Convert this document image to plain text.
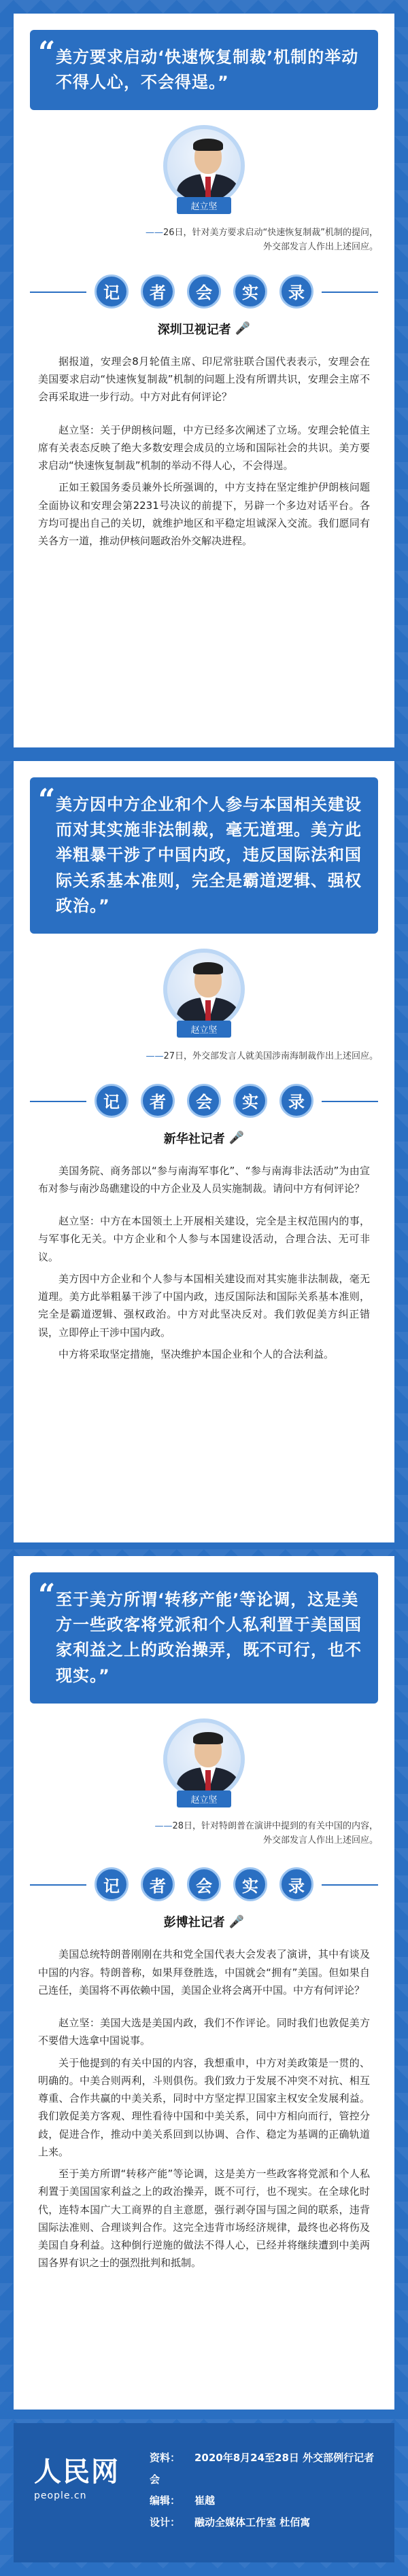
“ 美方要求启动‘快速恢复制裁’机制的举动不得人心，不会得逞。”
赵立坚
——26日，针对美方要求启动“快速恢复制裁”机制的提问，
外交部发言人作出上述回应。
记	者	会	实	录
深圳卫视记者 🎤

据报道，安理会8月轮值主席、印尼常驻联合国代表表示，安理会在美国要求启动“快速恢复制裁”机制的问题上没有所谓共识，安理会主席不会再采取进一步行动。中方对此有何评论？

赵立坚：关于伊朗核问题，中方已经多次阐述了立场。安理会轮值主席有关表态反映了绝大多数安理会成员的立场和国际社会的共识。美方要求启动“快速恢复制裁”机制的举动不得人心，不会得逞。

正如王毅国务委员兼外长所强调的，中方支持在坚定维护伊朗核问题全面协议和安理会第2231号决议的前提下，另辟一个多边对话平台。各方均可提出自己的关切，就维护地区和平稳定坦诚深入交流。我们愿同有关各方一道，推动伊核问题政治外交解决进程。

“ 美方因中方企业和个人参与本国相关建设而对其实施非法制裁，毫无道理。美方此举粗暴干涉了中国内政，违反国际法和国际关系基本准则，完全是霸道逻辑、强权政治。”
赵立坚
——27日，外交部发言人就美国涉南海制裁作出上述回应。
记	者	会	实	录
新华社记者 🎤

美国务院、商务部以“参与南海军事化”、“参与南海非法活动”为由宣布对参与南沙岛礁建设的中方企业及人员实施制裁。请问中方有何评论？

赵立坚：中方在本国领土上开展相关建设，完全是主权范围内的事，与军事化无关。中方企业和个人参与本国建设活动，合理合法、无可非议。

美方因中方企业和个人参与本国相关建设而对其实施非法制裁，毫无道理。美方此举粗暴干涉了中国内政，违反国际法和国际关系基本准则，完全是霸道逻辑、强权政治。中方对此坚决反对。我们敦促美方纠正错误，立即停止干涉中国内政。

中方将采取坚定措施，坚决维护本国企业和个人的合法利益。

“ 至于美方所谓‘转移产能’等论调，这是美方一些政客将党派和个人私利置于美国国家利益之上的政治操弄，既不可行，也不现实。”
赵立坚
——28日，针对特朗普在演讲中提到的有关中国的内容，
外交部发言人作出上述回应。
记	者	会	实	录
彭博社记者 🎤

美国总统特朗普刚刚在共和党全国代表大会发表了演讲，其中有谈及中国的内容。特朗普称，如果拜登胜选，中国就会“拥有”美国。但如果自己连任，美国将不再依赖中国，美国企业将会离开中国。中方有何评论？

赵立坚：美国大选是美国内政，我们不作评论。同时我们也敦促美方不要借大选拿中国说事。

关于他提到的有关中国的内容，我想重申，中方对美政策是一贯的、明确的。中美合则两利，斗则俱伤。我们致力于发展不冲突不对抗、相互尊重、合作共赢的中美关系，同时中方坚定捍卫国家主权安全发展利益。我们敦促美方客观、理性看待中国和中美关系，同中方相向而行，管控分歧，促进合作，推动中美关系回到以协调、合作、稳定为基调的正确轨道上来。

至于美方所谓“转移产能”等论调，这是美方一些政客将党派和个人私利置于美国国家利益之上的政治操弄，既不可行，也不现实。在全球化时代，连特本国广大工商界的自主意愿，强行剥夺国与国之间的联系，违背国际法准则、合理谈判合作。这完全违背市场经济规律，最终也必将伤及美国自身利益。这种倒行逆施的做法不得人心，已经并将继续遭到中美两国各界有识之士的强烈批判和抵制。

人民网
people.cn
资料： 2020年8月24至28日 外交部例行记者会
编辑： 崔越
设计： 融动全媒体工作室 杜佰寓
